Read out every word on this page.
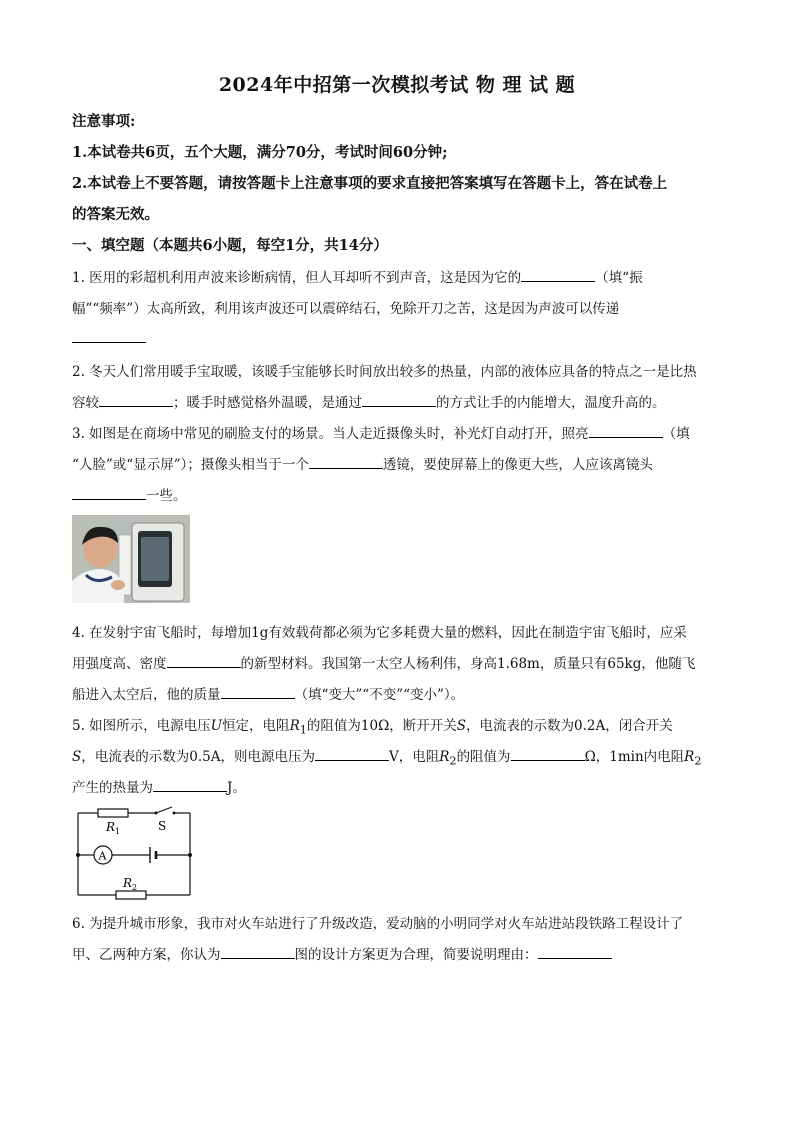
2024年中招第一次模拟考试 物 理 试 题
注意事项:
1.本试卷共6页，五个大题，满分70分，考试时间60分钟;
2.本试卷上不要答题，请按答题卡上注意事项的要求直接把答案填写在答题卡上，答在试卷上
的答案无效。
一、填空题（本题共6小题，每空1分，共14分）
1. 医用的彩超机利用声波来诊断病情，但人耳却听不到声音，这是因为它的	（填“振
幅”“频率”）太高所致，利用该声波还可以震碎结石，免除开刀之苦，这是因为声波可以传递
2. 冬天人们常用暖手宝取暖，该暖手宝能够长时间放出较多的热量，内部的液体应具备的特点之一是比热
容较	；暖手时感觉格外温暖，是通过	的方式让手的内能增大，温度升高的。
3. 如图是在商场中常见的刷脸支付的场景。当人走近摄像头时，补光灯自动打开，照亮	（填
“人脸”或“显示屏”）；摄像头相当于一个	透镜，要使屏幕上的像更大些，人应该离镜头
一些。
4. 在发射宇宙飞船时，每增加1g有效载荷都必须为它多耗费大量的燃料，因此在制造宇宙飞船时，应采
用强度高、密度	的新型材料。我国第一太空人杨利伟，身高1.68m，质量只有65kg，他随飞
船进入太空后，他的质量	（填“变大”“不变”“变小”）。
5. 如图所示，电源电压U恒定，电阻$R_1$的阻值为10Ω，断开开关S，电流表的示数为0.2A，闭合开关
S，电流表的示数为0.5A，则电源电压为	V，电阻$R_2$的阻值为	Ω，1min内电阻$R_2$
产生的热量为	J。
R 1	S
A
R 2
6. 为提升城市形象，我市对火车站进行了升级改造，爱动脑的小明同学对火车站进站段铁路工程设计了
甲、乙两种方案，你认为	图的设计方案更为合理，简要说明理由：
